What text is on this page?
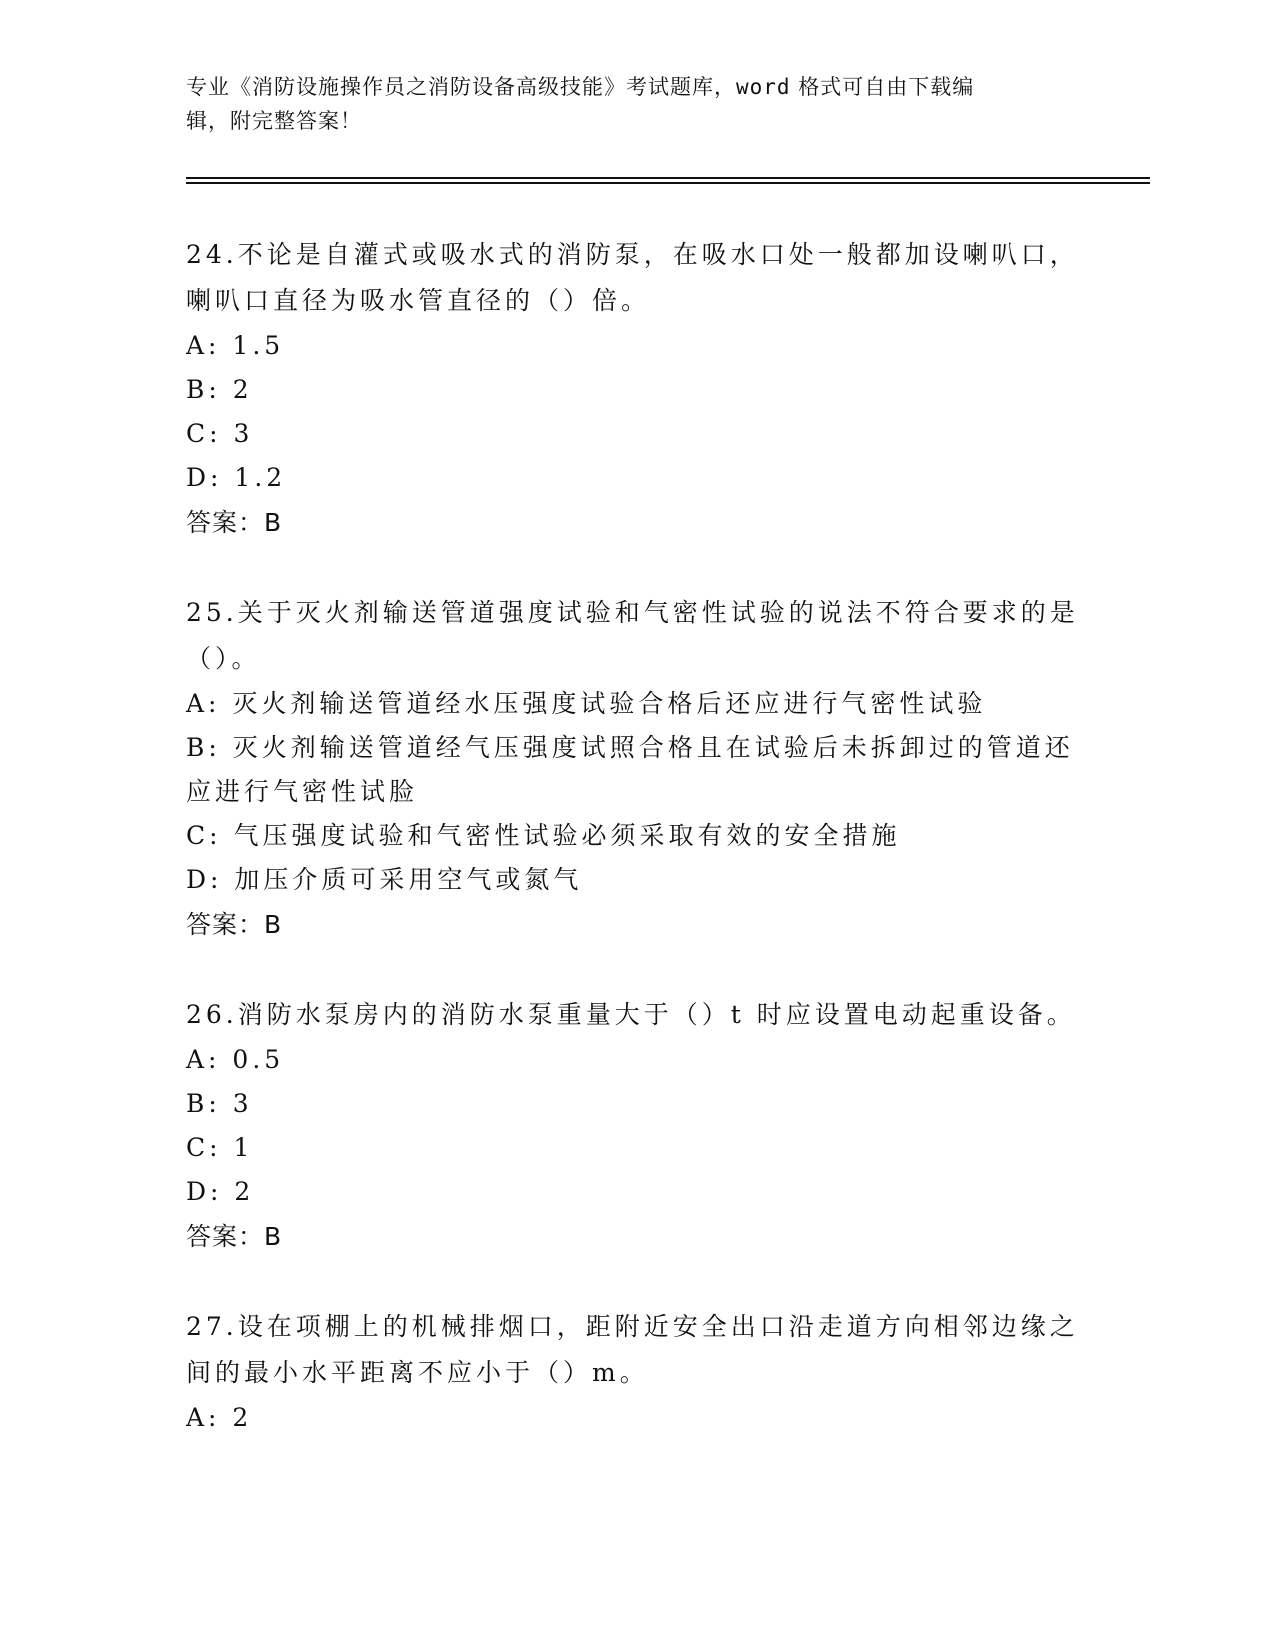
专业《消防设施操作员之消防设备高级技能》考试题库，word 格式可自由下载编
辑，附完整答案！

24.不论是自灌式或吸水式的消防泵，在吸水口处一般都加设喇叭口，

喇叭口直径为吸水管直径的（）倍。

A: 1.5

B: 2

C: 3

D: 1.2

答案：B

25.关于灭火剂输送管道强度试验和气密性试验的说法不符合要求的是

（）。

A: 灭火剂输送管道经水压强度试验合格后还应进行气密性试验

B: 灭火剂输送管道经气压强度试照合格且在试验后未拆卸过的管道还

应进行气密性试脸

C: 气压强度试验和气密性试验必须采取有效的安全措施

D: 加压介质可采用空气或氮气

答案：B

26.消防水泵房内的消防水泵重量大于（）t 时应设置电动起重设备。

A: 0.5

B: 3

C: 1

D: 2

答案：B

27.设在项棚上的机械排烟口，距附近安全出口沿走道方向相邻边缘之

间的最小水平距离不应小于（）m。

A: 2
